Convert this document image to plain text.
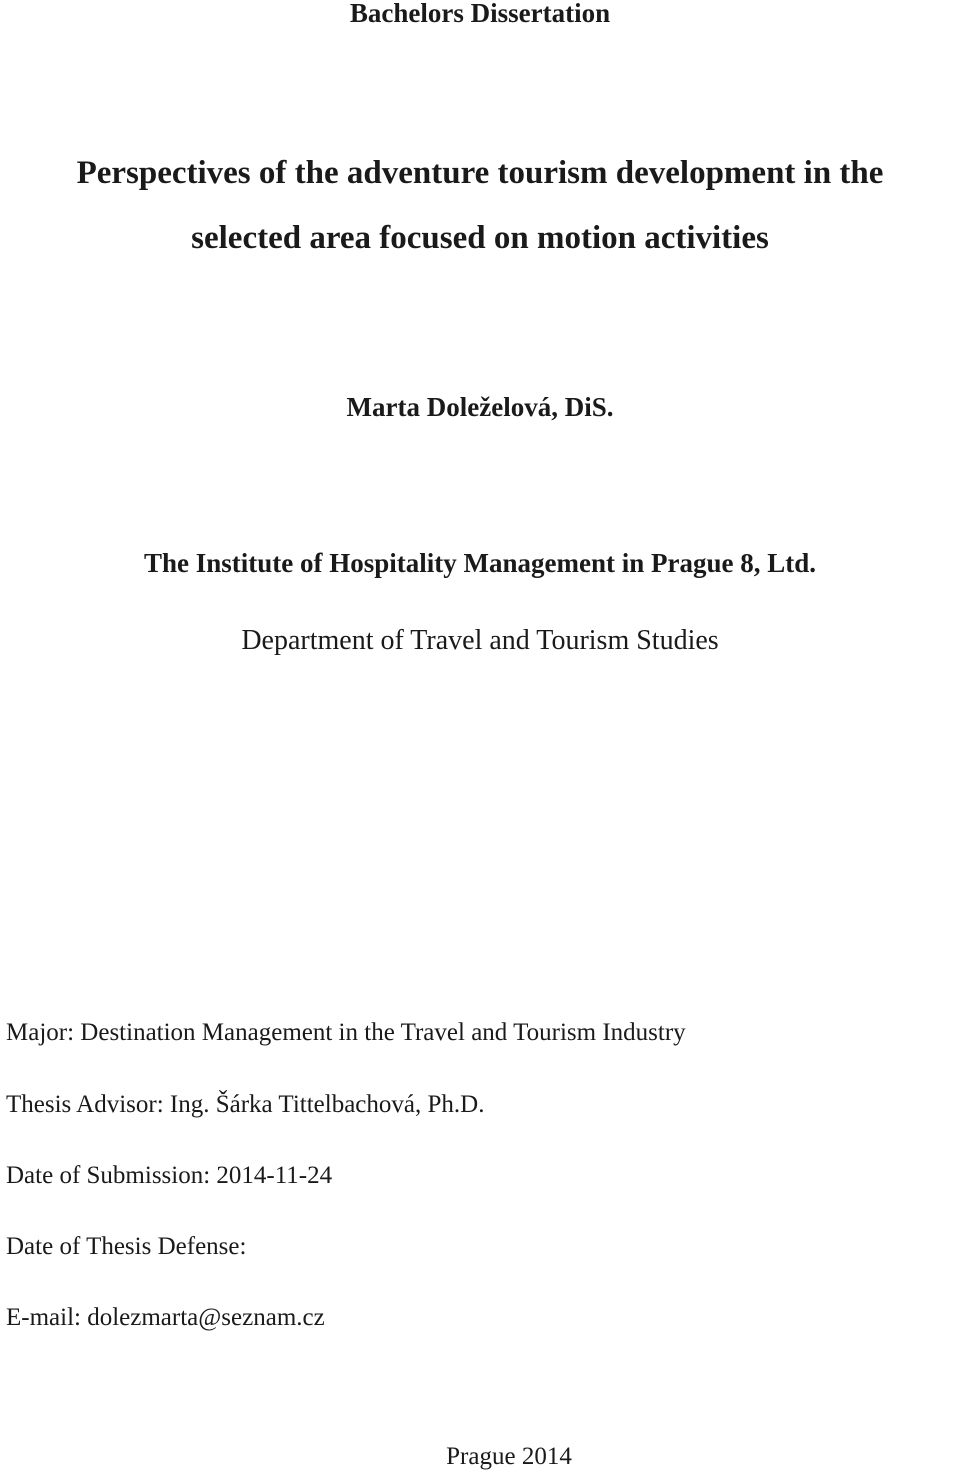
Bachelors Dissertation
Perspectives of the adventure tourism development in the
selected area focused on motion activities
Marta Doleželová, DiS.
The Institute of Hospitality Management in Prague 8, Ltd.
Department of Travel and Tourism Studies
Major: Destination Management in the Travel and Tourism Industry
Thesis Advisor: Ing. Šárka Tittelbachová, Ph.D.
Date of Submission: 2014-11-24
Date of Thesis Defense:
E-mail: dolezmarta@seznam.cz
Prague 2014
